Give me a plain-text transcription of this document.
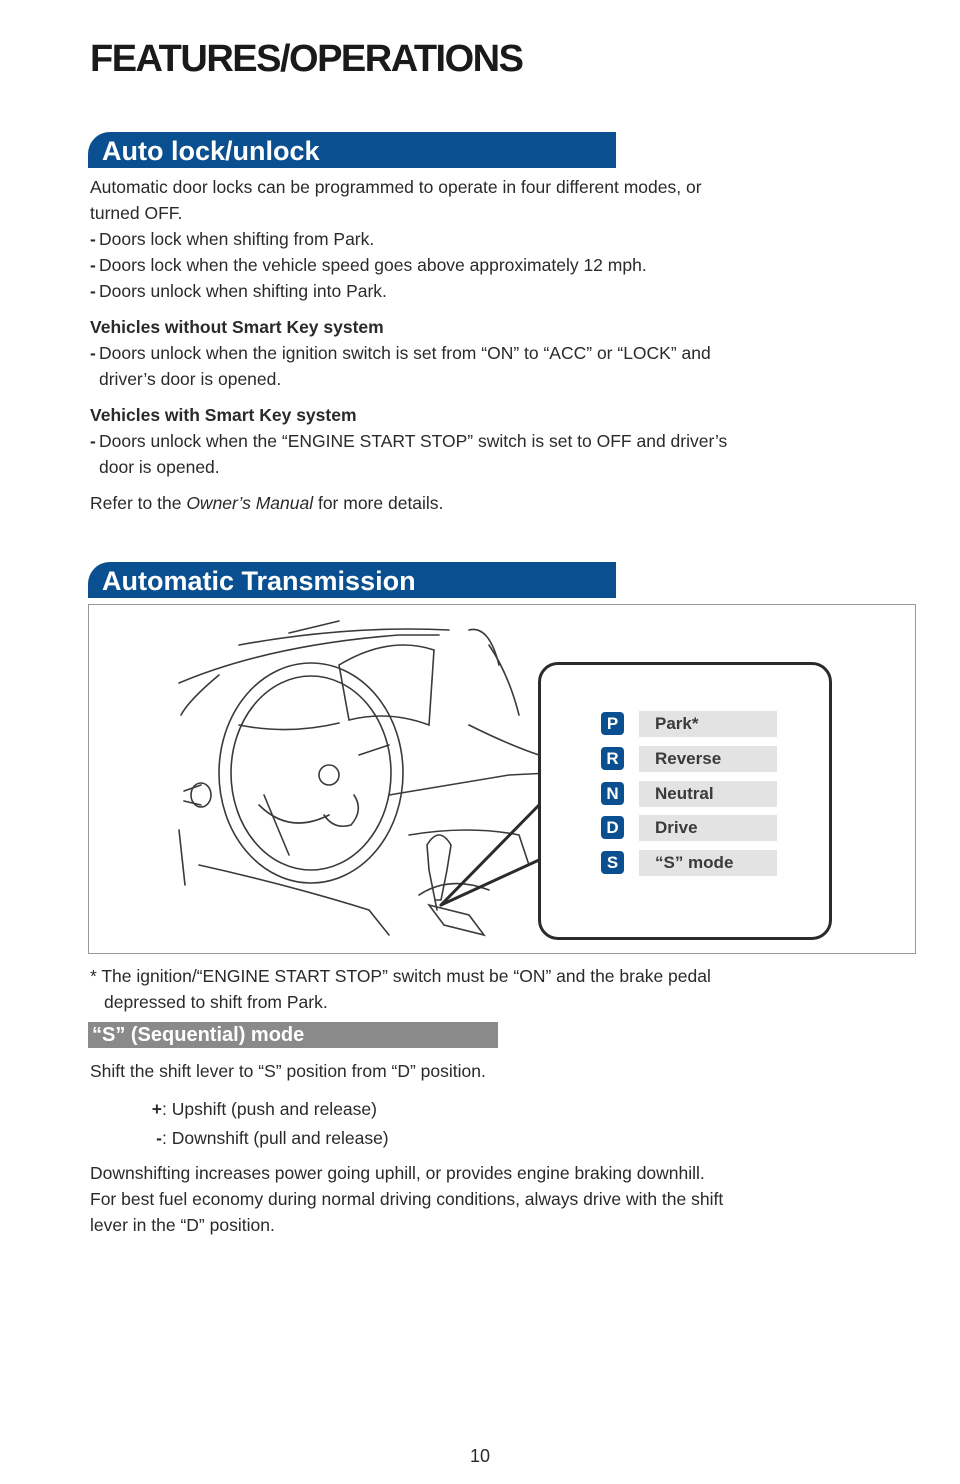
FEATURES/OPERATIONS
Auto lock/unlock

Automatic door locks can be programmed to operate in four different modes, or

turned OFF.

- Doors lock when shifting from Park.

- Doors lock when the vehicle speed goes above approximately 12 mph.

- Doors unlock when shifting into Park.

Vehicles without Smart Key system

- Doors unlock when the ignition switch is set from “ON” to “ACC” or “LOCK” and

driver’s door is opened.

Vehicles with Smart Key system

- Doors unlock when the “ENGINE START STOP” switch is set to OFF and driver’s

door is opened.

Refer to the Owner’s Manual for more details.

Automatic Transmission
P	Park*
R	Reverse
N	Neutral
D	Drive
S	“S” mode

* The ignition/“ENGINE START STOP” switch must be “ON” and the brake pedal

depressed to shift from Park.

“S” (Sequential) mode

Shift the shift lever to “S” position from “D” position.

+: Upshift (push and release)
-: Downshift (pull and release)

Downshifting increases power going uphill, or provides engine braking downhill.

For best fuel economy during normal driving conditions, always drive with the shift

lever in the “D” position.

10
